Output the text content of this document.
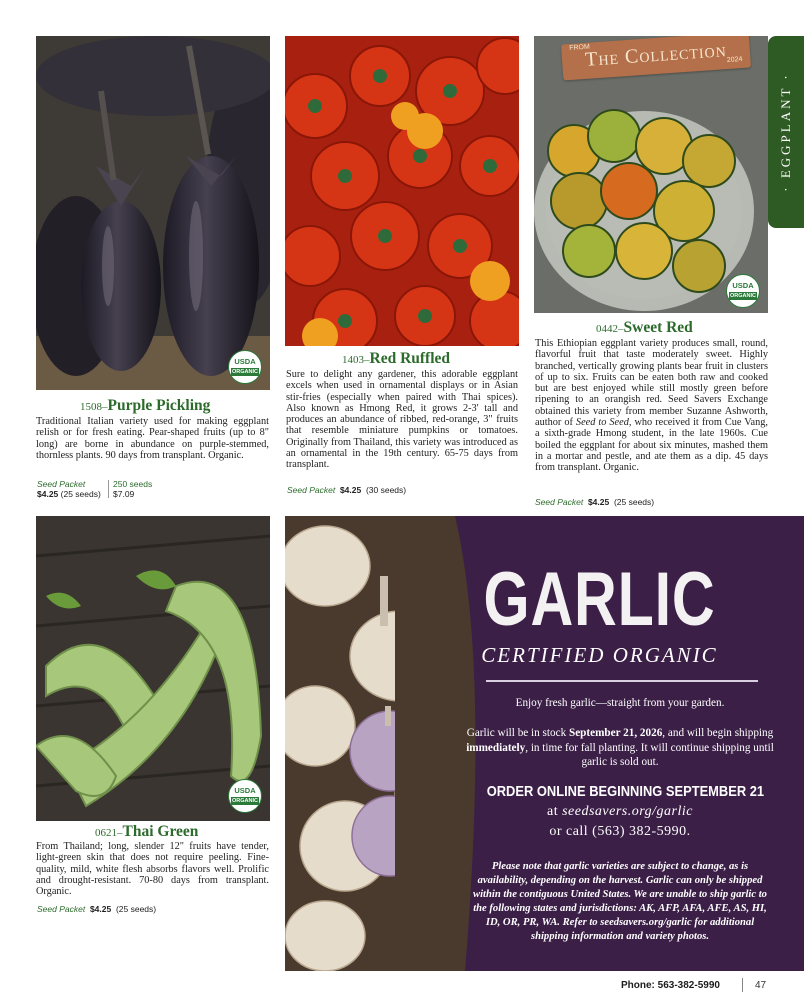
USDA
ORGANIC
FROM
The Collection 2024
USDA
ORGANIC
· EGGPLANT ·
1403–Red Ruffled
Sure to delight any gardener, this adorable eggplant excels when used in ornamental displays or in Asian stir-fries (especially when paired with Thai spices). Also known as Hmong Red, it grows 2-3' tall and produces an abundance of ribbed, red-orange, 3" fruits that resemble miniature pumpkins or tomatoes. Originally from Thailand, this variety was introduced as an ornamental in the 19th century. 65-75 days from transplant.
Seed Packet $4.25 (30 seeds)
0442–Sweet Red
This Ethiopian eggplant variety produces small, round, flavorful fruit that taste moderately sweet. Highly branched, vertically growing plants bear fruit in clusters of up to six. Fruits can be eaten both raw and cooked but are best enjoyed while still mostly green before ripening to an orangish red. Seed Savers Exchange obtained this variety from member Suzanne Ashworth, author of Seed to Seed, who received it from Cue Vang, a sixth-grade Hmong student, in the late 1960s. Cue boiled the eggplant for about six minutes, mashed them in a mortar and pestle, and ate them as a dip. 45 days from transplant. Organic.
Seed Packet $4.25 (25 seeds)
1508–Purple Pickling
Traditional Italian variety used for making eggplant relish or for fresh eating. Pear-shaped fruits (up to 8" long) are borne in abundance on purple-stemmed, thornless plants. 90 days from transplant. Organic.
Seed Packet
$4.25 (25 seeds)
250 seeds
$7.09
USDA
ORGANIC
0621–Thai Green
From Thailand; long, slender 12" fruits have tender, light-green skin that does not require peeling. Fine-quality, mild, white flesh absorbs flavors well. Prolific and drought-resistant. 70-80 days from transplant. Organic.
Seed Packet $4.25 (25 seeds)
GARLIC
CERTIFIED ORGANIC
Enjoy fresh garlic—straight from your garden.
Garlic will be in stock September 21, 2026, and will begin shipping immediately, in time for fall planting. It will continue shipping until garlic is sold out.
ORDER ONLINE BEGINNING SEPTEMBER 21
at seedsavers.org/garlic
or call (563) 382-5990.
Please note that garlic varieties are subject to change, as is availability, depending on the harvest. Garlic can only be shipped within the contiguous United States. We are unable to ship garlic to the following states and jurisdictions: AK, AFP, AFA, AFE, AS, HI, ID, OR, PR, WA. Refer to seedsavers.org/garlic for additional shipping information and variety photos.
Phone: 563-382-5990	47
